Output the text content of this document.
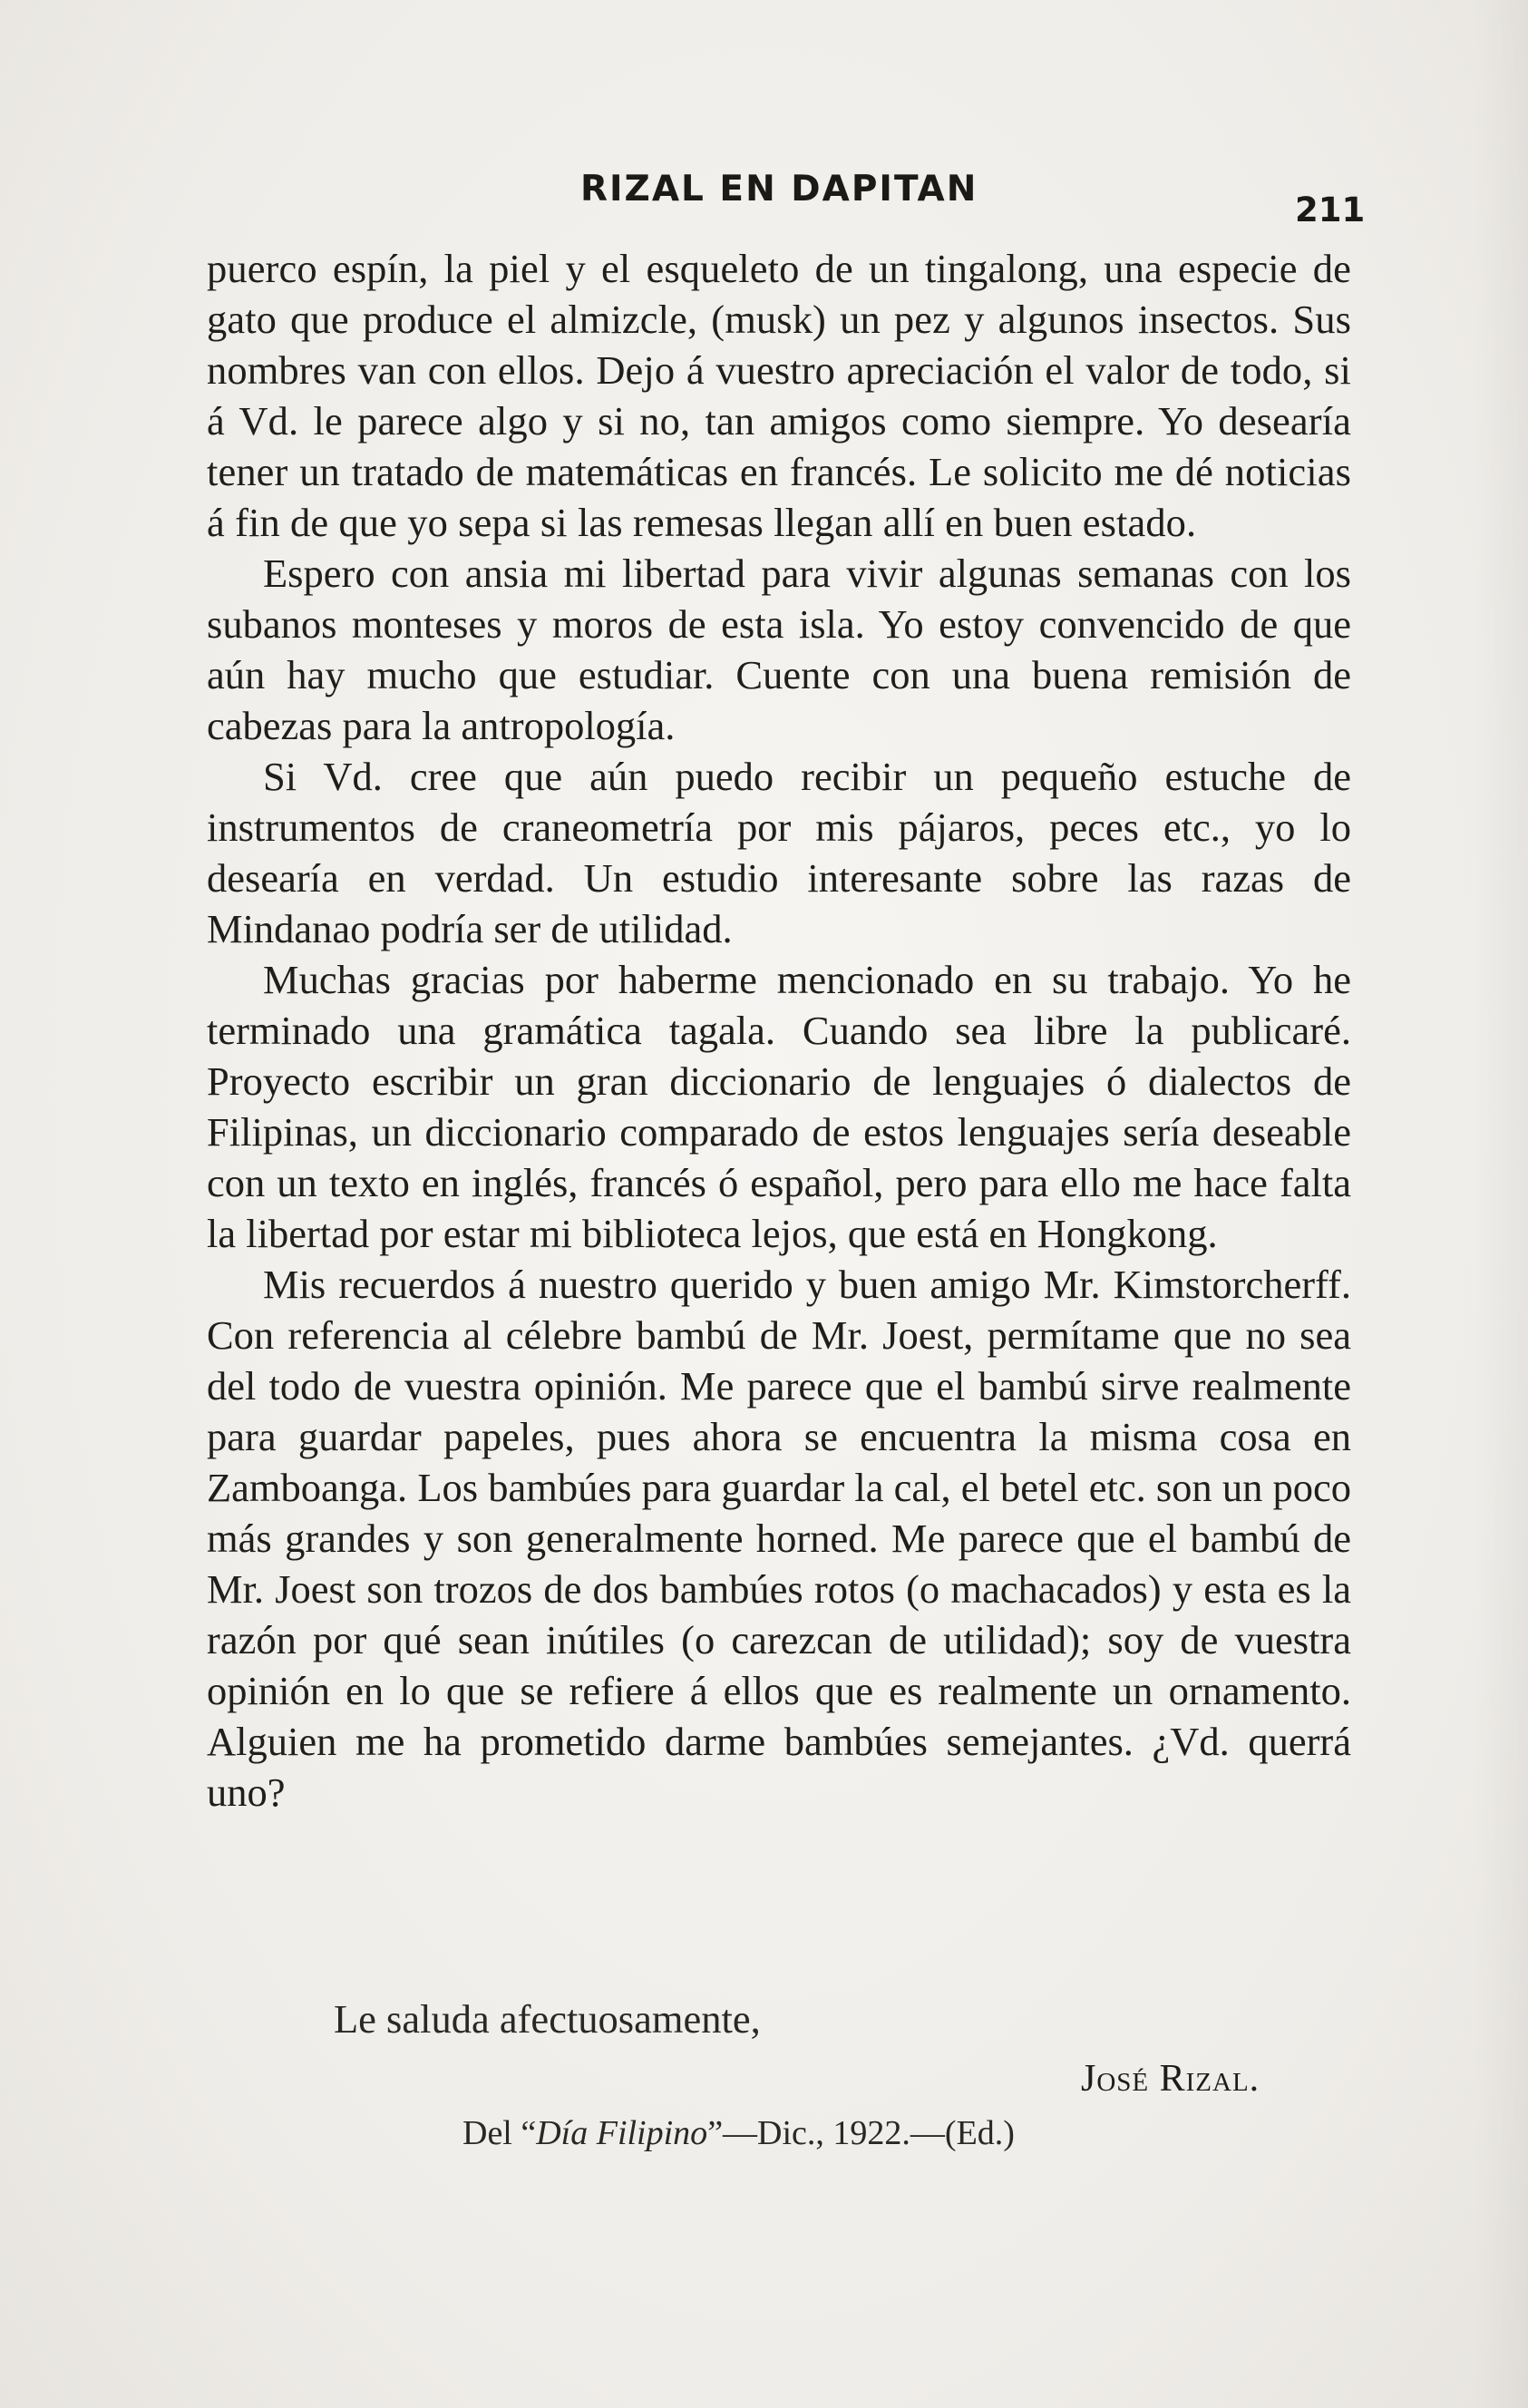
RIZAL EN DAPITAN
211

puerco espín, la piel y el esqueleto de un tingalong, una especie de gato que produce el almizcle, (musk) un pez y algunos insectos. Sus nombres van con ellos. Dejo á vuestro apreciación el valor de todo, si á Vd. le parece algo y si no, tan amigos como siempre. Yo desearía tener un tratado de matemáticas en francés. Le solicito me dé noticias á fin de que yo sepa si las remesas llegan allí en buen estado.

Espero con ansia mi libertad para vivir algunas semanas con los subanos monteses y moros de esta isla. Yo estoy convencido de que aún hay mucho que estudiar. Cuente con una buena remisión de cabezas para la antropología.

Si Vd. cree que aún puedo recibir un pequeño estuche de instrumentos de craneometría por mis pájaros, peces etc., yo lo desearía en verdad. Un estudio interesante sobre las razas de Mindanao podría ser de utilidad.

Muchas gracias por haberme mencionado en su trabajo. Yo he terminado una gramática tagala. Cuando sea libre la publicaré. Proyecto escribir un gran diccionario de lenguajes ó dialectos de Filipinas, un diccionario comparado de estos lenguajes sería deseable con un texto en inglés, francés ó español, pero para ello me hace falta la libertad por estar mi biblioteca lejos, que está en Hongkong.

Mis recuerdos á nuestro querido y buen amigo Mr. Kimstorcherff. Con referencia al célebre bambú de Mr. Joest, permítame que no sea del todo de vuestra opinión. Me parece que el bambú sirve realmente para guardar papeles, pues ahora se encuentra la misma cosa en Zamboanga. Los bambúes para guardar la cal, el betel etc. son un poco más grandes y son generalmente horned. Me parece que el bambú de Mr. Joest son trozos de dos bambúes rotos (o machacados) y esta es la razón por qué sean inútiles (o carezcan de utilidad); soy de vuestra opinión en lo que se refiere á ellos que es realmente un ornamento. Alguien me ha prometido darme bambúes semejantes. ¿Vd. querrá uno?

Le saluda afectuosamente,
José Rizal.
Del “Día Filipino”—Dic., 1922.—(Ed.)
